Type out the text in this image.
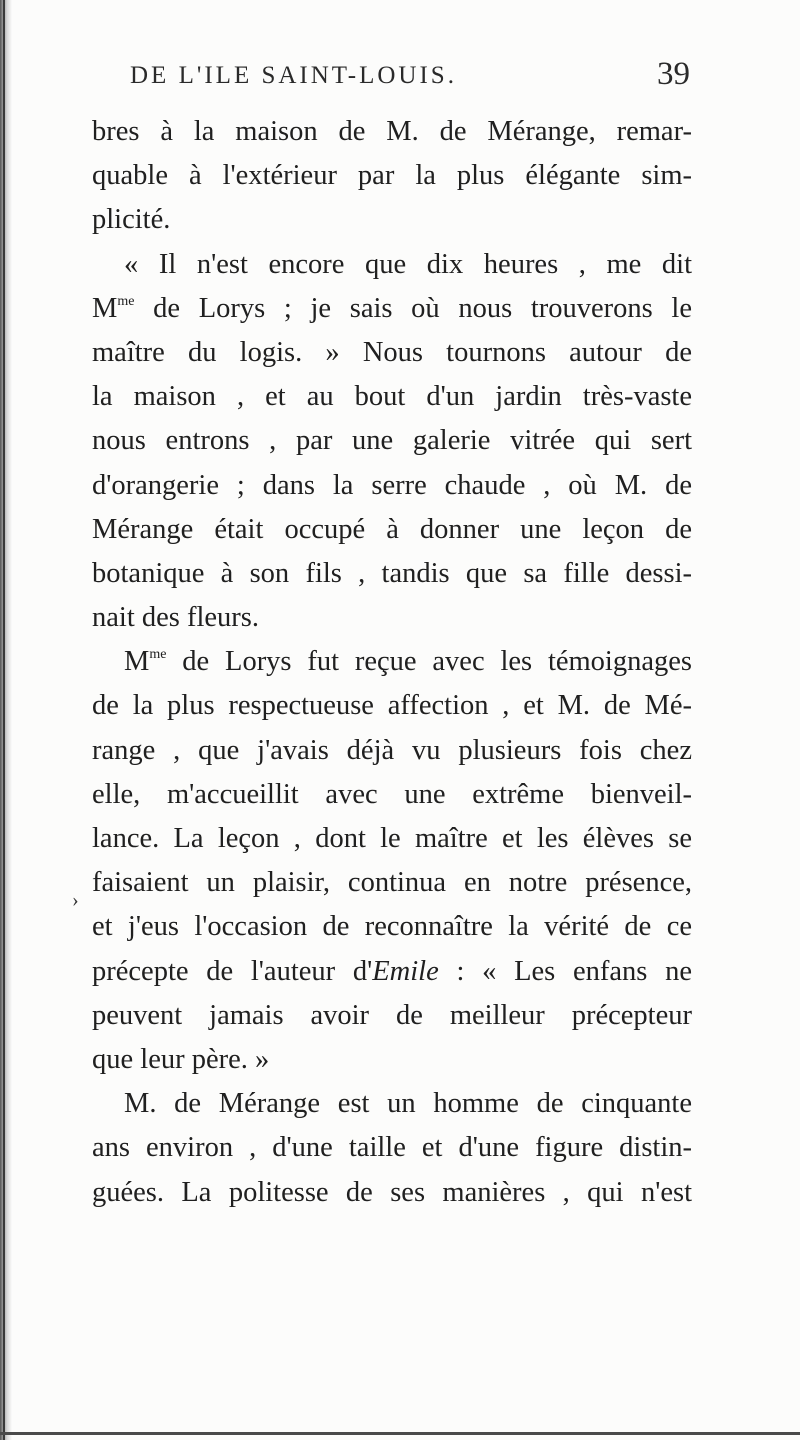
DE L'ILE SAINT-LOUIS.	39
›
bres à la maison de M. de Mérange, remar-
quable à l'extérieur par la plus élégante sim-
plicité.
« Il n'est encore que dix heures , me dit
$M^{me}$ de Lorys ; je sais où nous trouverons le
maître du logis. » Nous tournons autour de
la maison , et au bout d'un jardin très-vaste
nous entrons , par une galerie vitrée qui sert
d'orangerie ; dans la serre chaude , où M. de
Mérange était occupé à donner une leçon de
botanique à son fils , tandis que sa fille dessi-
nait des fleurs.
$M^{me}$ de Lorys fut reçue avec les témoignages
de la plus respectueuse affection , et M. de Mé-
range , que j'avais déjà vu plusieurs fois chez
elle, m'accueillit avec une extrême bienveil-
lance. La leçon , dont le maître et les élèves se
faisaient un plaisir, continua en notre présence,
et j'eus l'occasion de reconnaître la vérité de ce
précepte de l'auteur d'Emile : « Les enfans ne
peuvent jamais avoir de meilleur précepteur
que leur père. »
M. de Mérange est un homme de cinquante
ans environ , d'une taille et d'une figure distin-
guées. La politesse de ses manières , qui n'est
